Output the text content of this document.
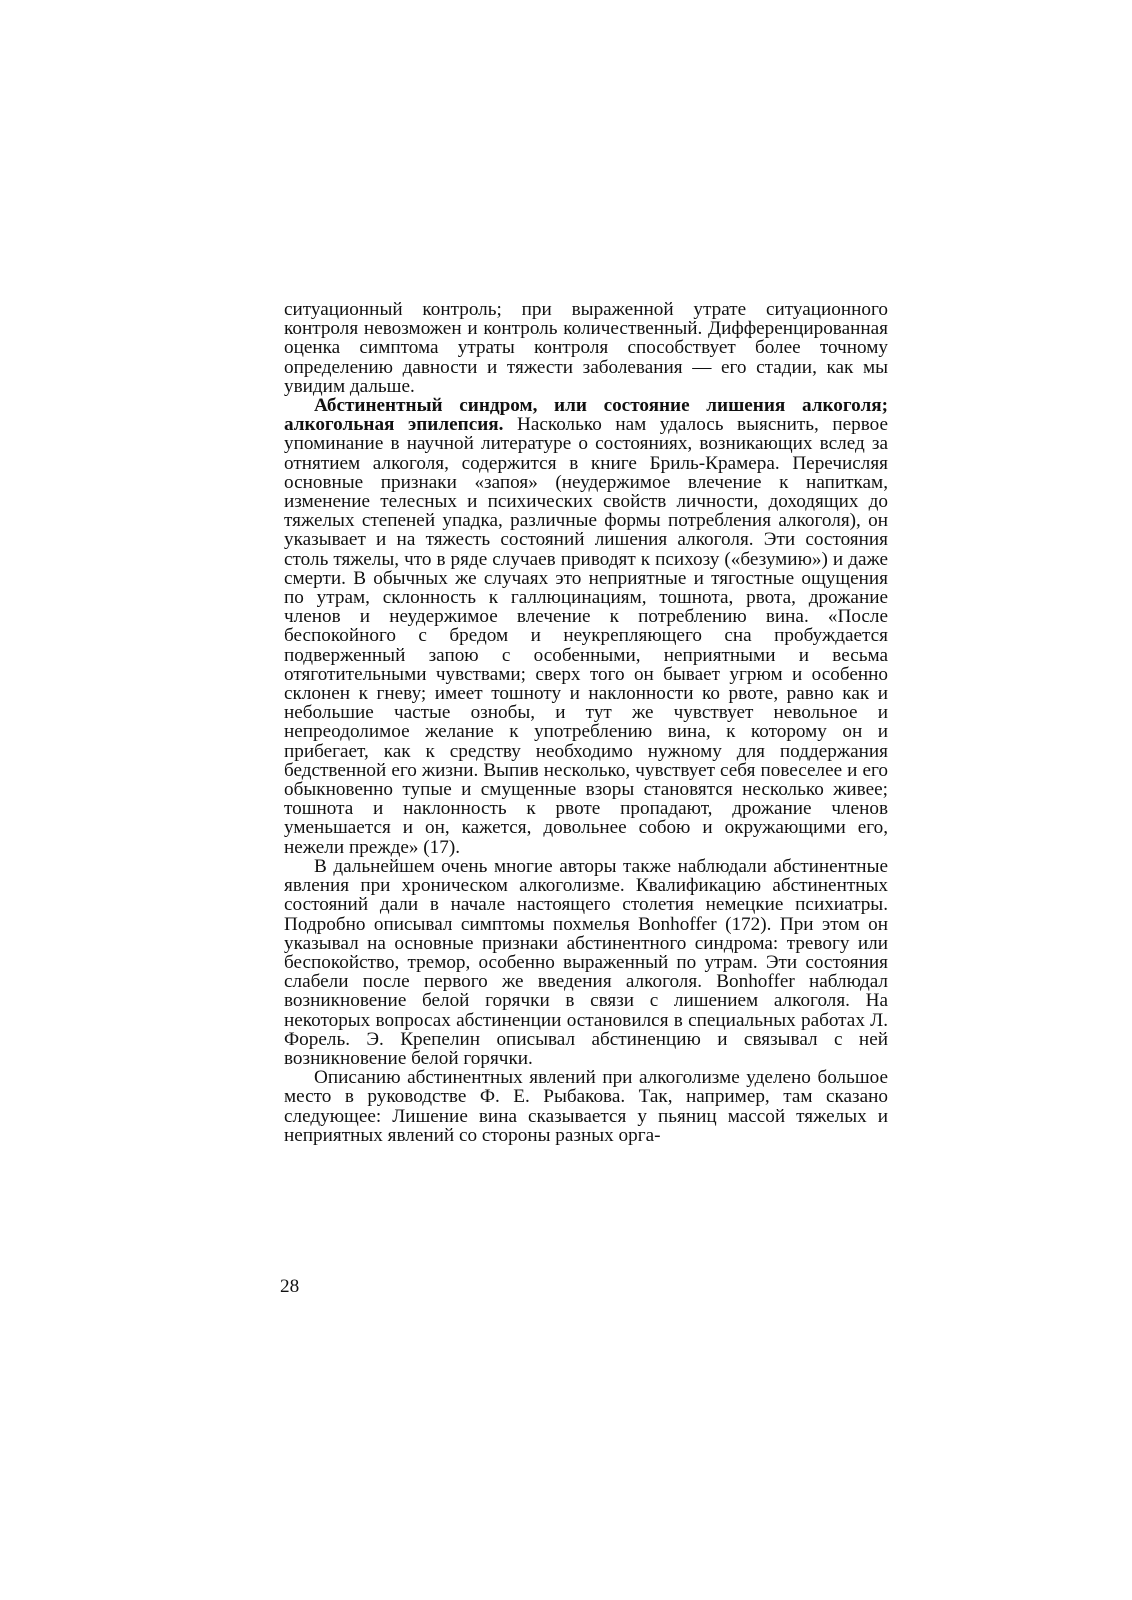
ситуационный контроль; при выраженной утрате ситуационного контроля невозможен и контроль количественный. Дифференцированная оценка симптома утраты контроля способствует более точному определению давности и тяжести заболевания — его стадии, как мы увидим дальше.

Абстинентный синдром, или состояние лишения алкоголя; алкогольная эпилепсия. Насколько нам удалось выяснить, первое упоминание в научной литературе о состояниях, возникающих вслед за отнятием алкоголя, содержится в книге Бриль-Крамера. Перечисляя основные признаки «запоя» (неудержимое влечение к напиткам, изменение телесных и психических свойств личности, доходящих до тяжелых степеней упадка, различные формы потребления алкоголя), он указывает и на тяжесть состояний лишения алкоголя. Эти состояния столь тяжелы, что в ряде случаев приводят к психозу («безумию») и даже смерти. В обычных же случаях это неприятные и тягостные ощущения по утрам, склонность к галлюцинациям, тошнота, рвота, дрожание членов и неудержимое влечение к потреблению вина. «После беспокойного с бредом и неукрепляющего сна пробуждается подверженный запою с особенными, неприятными и весьма отяготительными чувствами; сверх того он бывает угрюм и особенно склонен к гневу; имеет тошноту и наклонности ко рвоте, равно как и небольшие частые ознобы, и тут же чувствует невольное и непреодолимое желание к употреблению вина, к которому он и прибегает, как к средству необходимо нужному для поддержания бедственной его жизни. Выпив несколько, чувствует себя повеселее и его обыкновенно тупые и смущенные взоры становятся несколько живее; тошнота и наклонность к рвоте пропадают, дрожание членов уменьшается и он, кажется, довольнее собою и окружающими его, нежели прежде» (17).

В дальнейшем очень многие авторы также наблюдали абстинентные явления при хроническом алкоголизме. Квалификацию абстинентных состояний дали в начале настоящего столетия немецкие психиатры. Подробно описывал симптомы похмелья Bonhoffer (172). При этом он указывал на основные признаки абстинентного синдрома: тревогу или беспокойство, тремор, особенно выраженный по утрам. Эти состояния слабели после первого же введения алкоголя. Bonhoffer наблюдал возникновение белой горячки в связи с лишением алкоголя. На некоторых вопросах абстиненции остановился в специальных работах Л. Форель. Э. Крепелин описывал абстиненцию и связывал с ней возникновение белой горячки.

Описанию абстинентных явлений при алкоголизме уделено большое место в руководстве Ф. Е. Рыбакова. Так, например, там сказано следующее: Лишение вина сказывается у пьяниц массой тяжелых и неприятных явлений со стороны разных орга-

28
